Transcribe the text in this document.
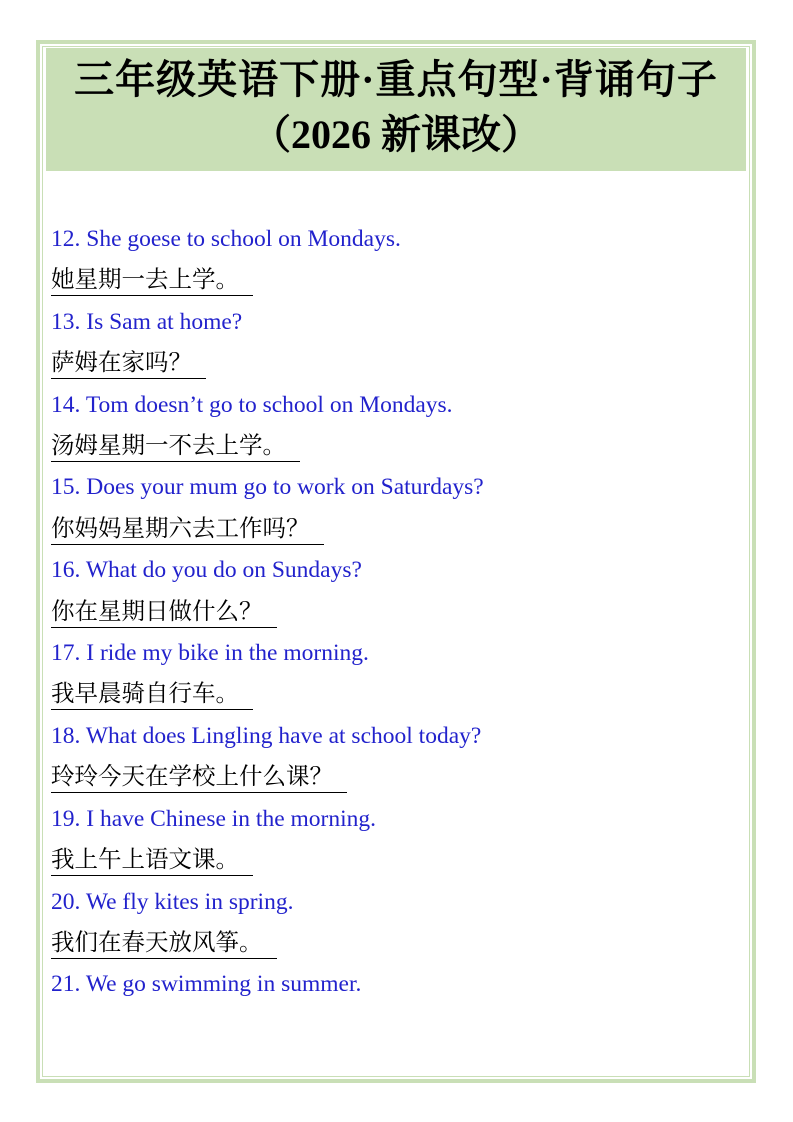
三年级英语下册·重点句型·背诵句子
（2026 新课改）

12. She goese to school on Mondays.

她星期一去上学。

13. Is Sam at home?

萨姆在家吗？

14. Tom doesn’t go to school on Mondays.

汤姆星期一不去上学。

15. Does your mum go to work on Saturdays?

你妈妈星期六去工作吗？

16. What do you do on Sundays?

你在星期日做什么？

17. I ride my bike in the morning.

我早晨骑自行车。

18. What does Lingling have at school today?

玲玲今天在学校上什么课？

19. I have Chinese in the morning.

我上午上语文课。

20. We fly kites in spring.

我们在春天放风筝。

21. We go swimming in summer.
